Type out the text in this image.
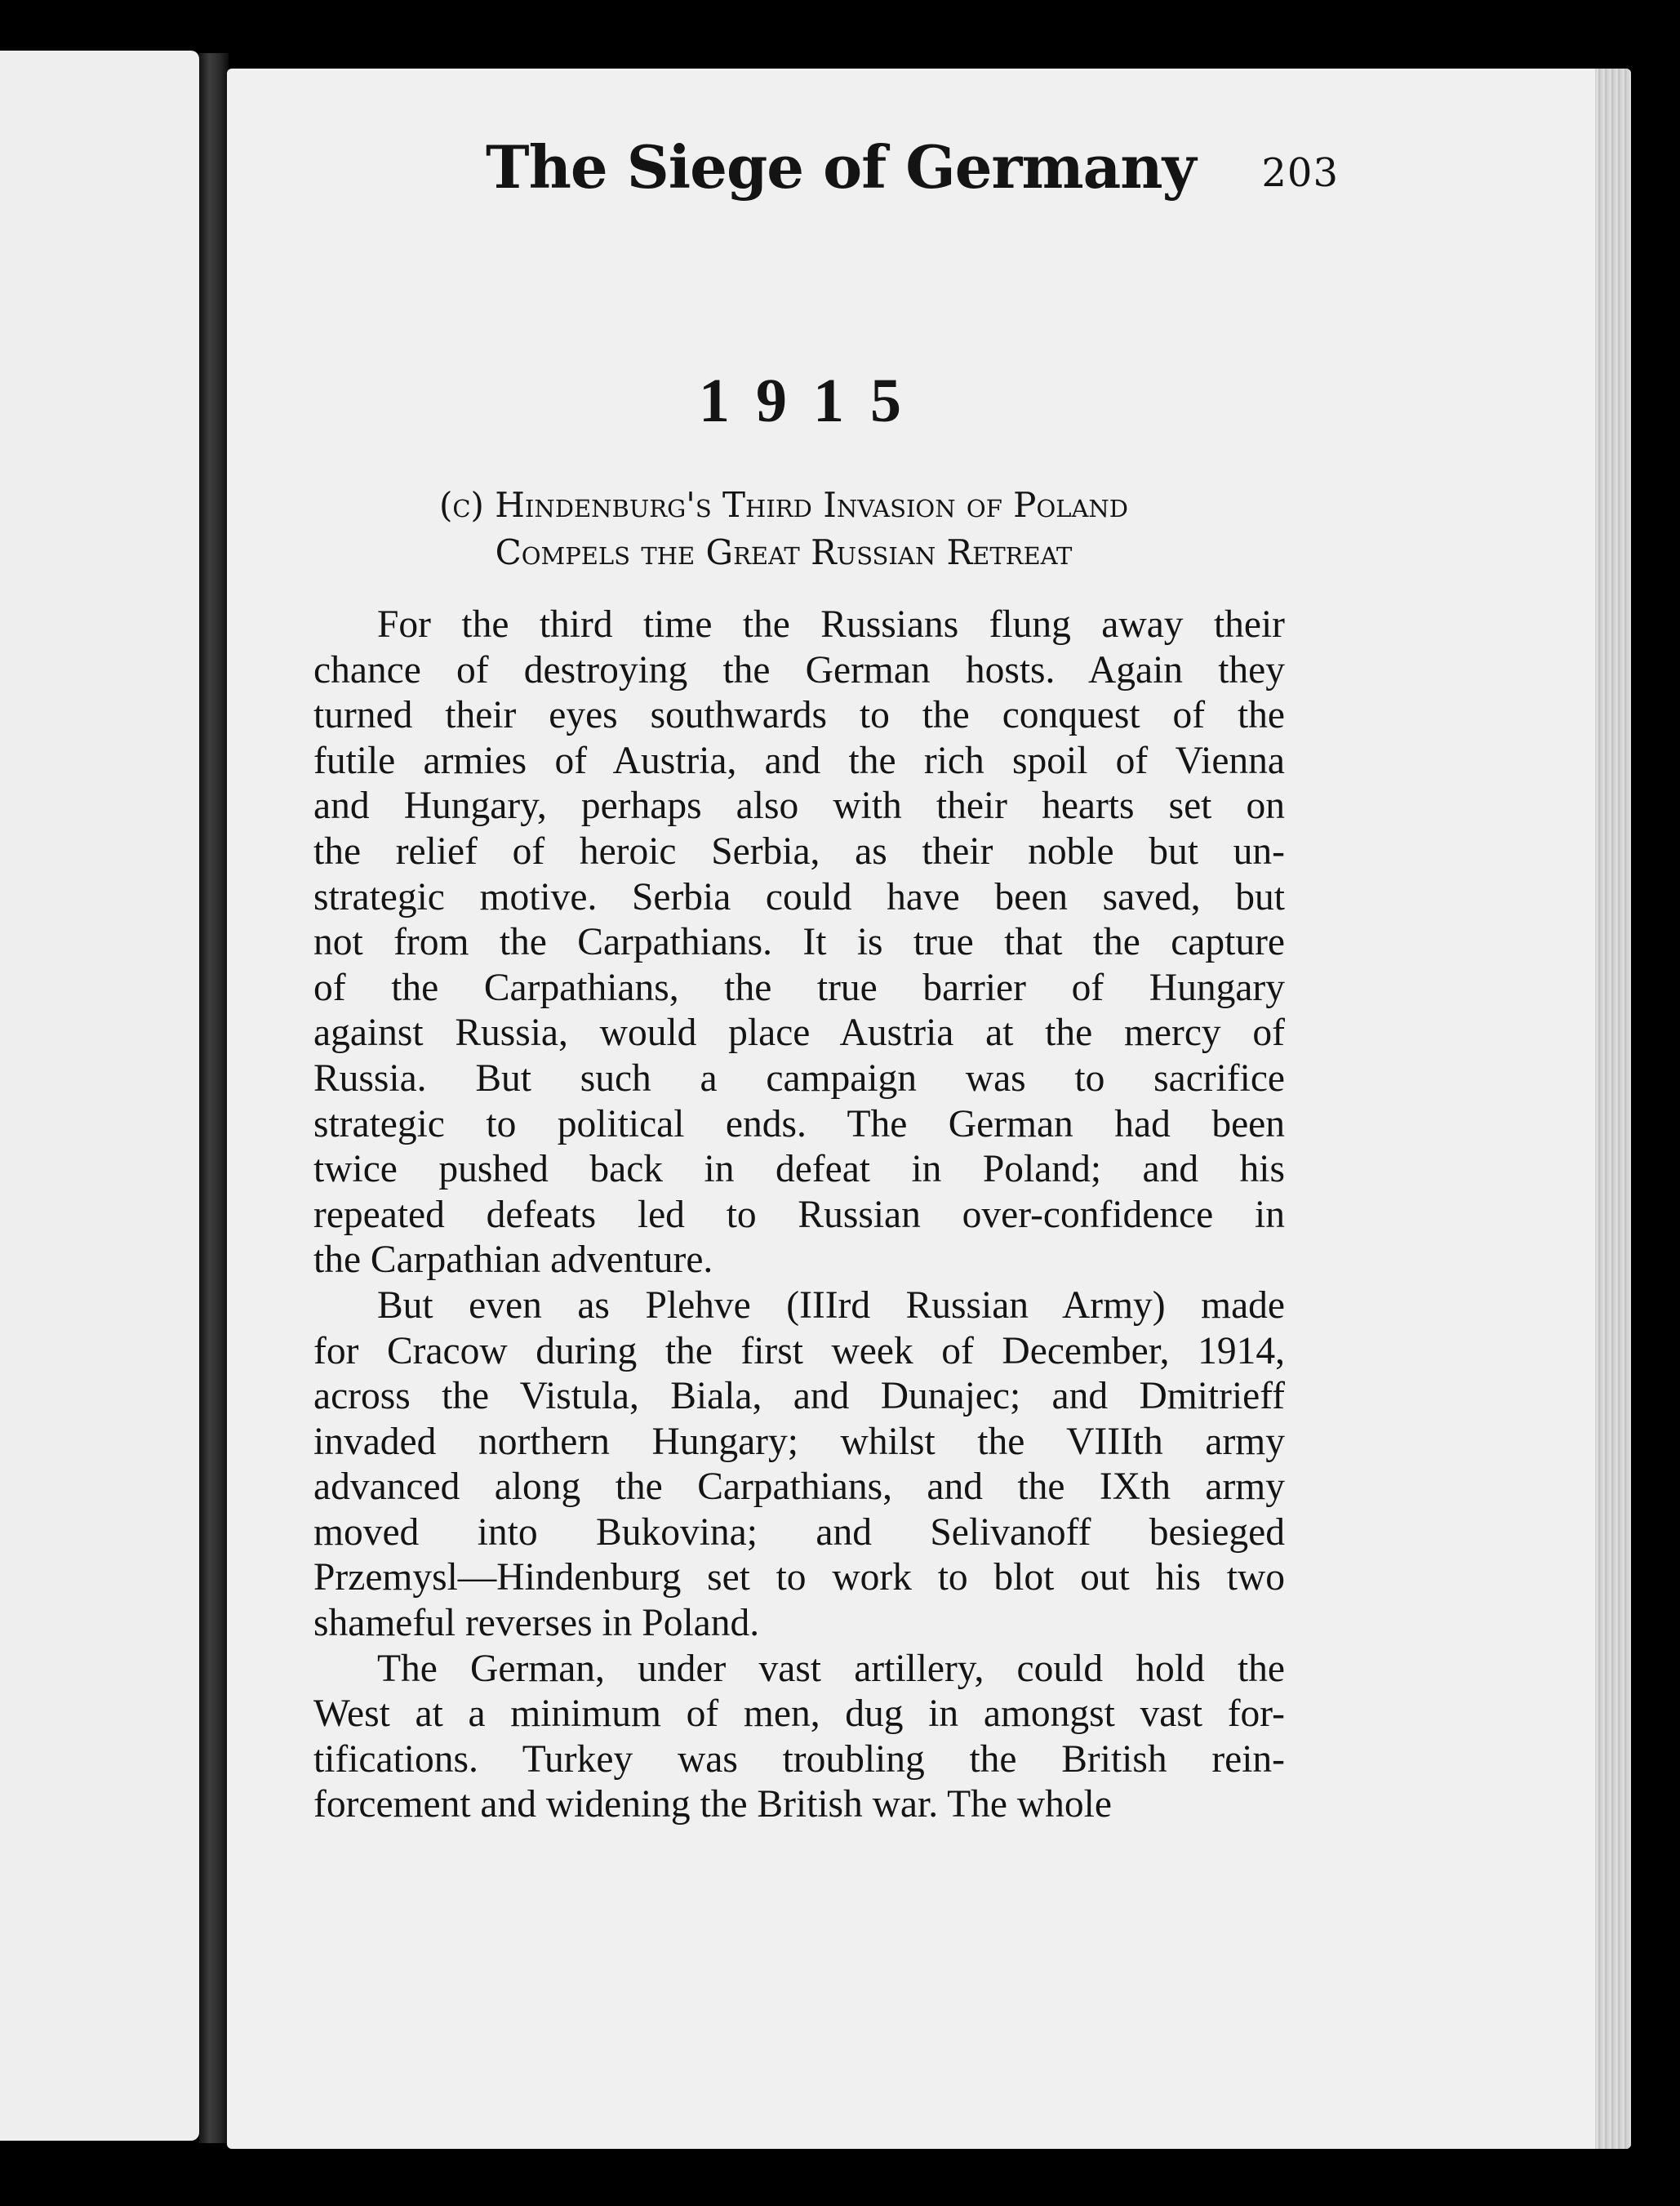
The Siege of Germany 203
1915
(c) Hindenburg's Third Invasion of Poland
Compels the Great Russian Retreat
For the third time the Russians flung away their
chance of destroying the German hosts. Again they
turned their eyes southwards to the conquest of the
futile armies of Austria, and the rich spoil of Vienna
and Hungary, perhaps also with their hearts set on
the relief of heroic Serbia, as their noble but un-
strategic motive. Serbia could have been saved, but
not from the Carpathians. It is true that the capture
of the Carpathians, the true barrier of Hungary
against Russia, would place Austria at the mercy of
Russia. But such a campaign was to sacrifice
strategic to political ends. The German had been
twice pushed back in defeat in Poland; and his
repeated defeats led to Russian over-confidence in
the Carpathian adventure.
But even as Plehve (IIIrd Russian Army) made
for Cracow during the first week of December, 1914,
across the Vistula, Biala, and Dunajec; and Dmitrieff
invaded northern Hungary; whilst the VIIIth army
advanced along the Carpathians, and the IXth army
moved into Bukovina; and Selivanoff besieged
Przemysl—Hindenburg set to work to blot out his two
shameful reverses in Poland.
The German, under vast artillery, could hold the
West at a minimum of men, dug in amongst vast for-
tifications. Turkey was troubling the British rein-
forcement and widening the British war. The whole
